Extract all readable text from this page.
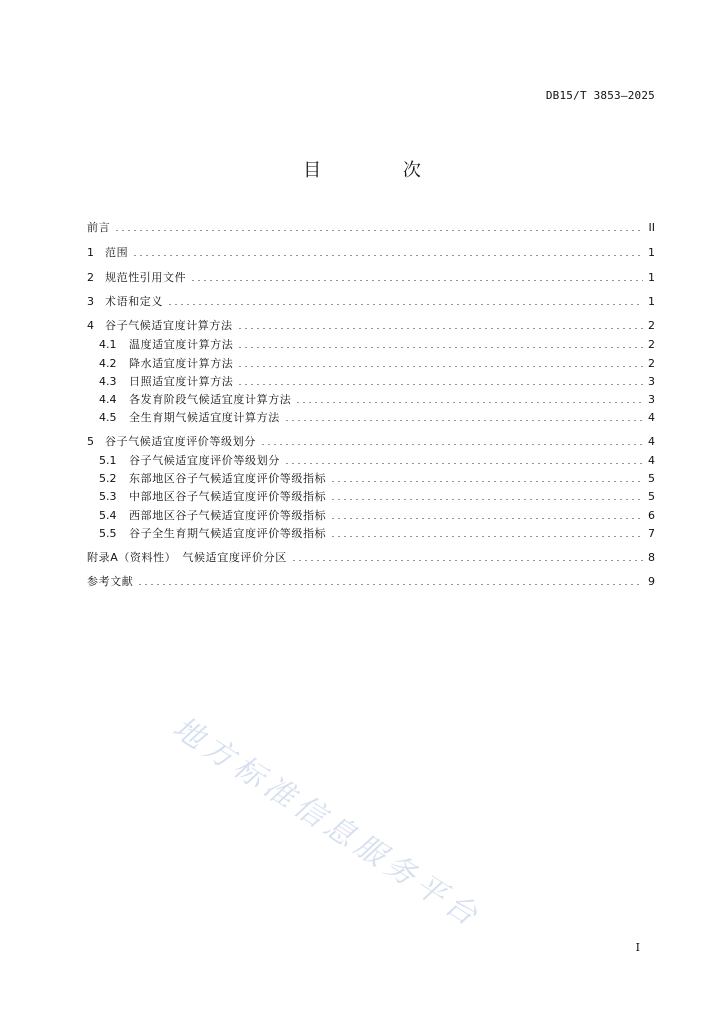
DB15/T 3853—2025
目 次
前言	II
1	范围	1
2	规范性引用文件	1
3	术语和定义	1
4	谷子气候适宜度计算方法	2
4.1	温度适宜度计算方法	2
4.2	降水适宜度计算方法	2
4.3	日照适宜度计算方法	3
4.4	各发育阶段气候适宜度计算方法	3
4.5	全生育期气候适宜度计算方法	4
5	谷子气候适宜度评价等级划分	4
5.1	谷子气候适宜度评价等级划分	4
5.2	东部地区谷子气候适宜度评价等级指标	5
5.3	中部地区谷子气候适宜度评价等级指标	5
5.4	西部地区谷子气候适宜度评价等级指标	6
5.5	谷子全生育期气候适宜度评价等级指标	7
附录A（资料性）　气候适宜度评价分区	8
参考文献	9
地方标准信息服务平台
I
